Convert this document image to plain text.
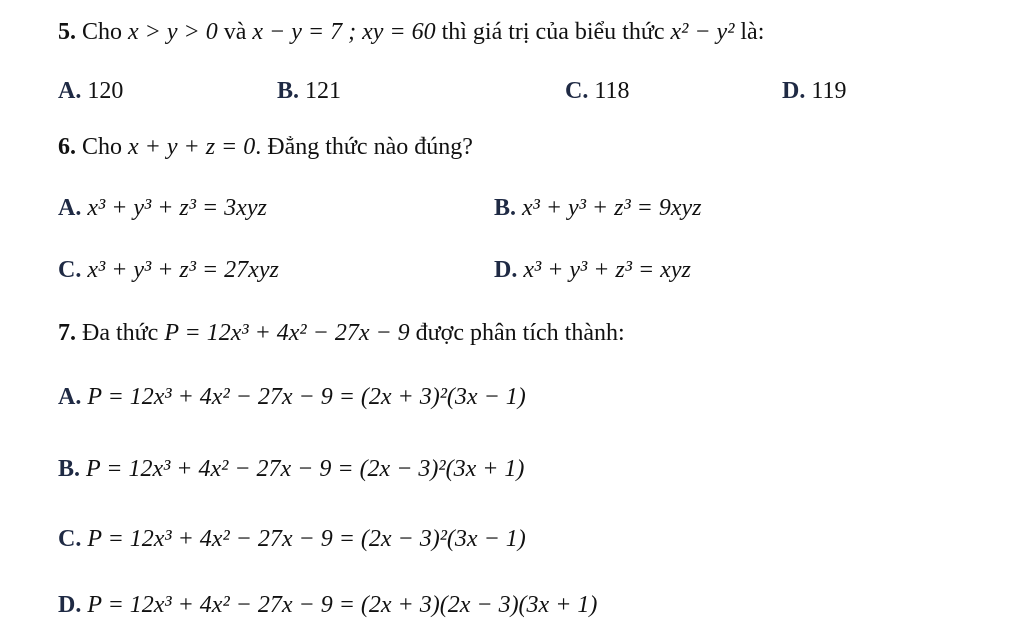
5. Cho x > y > 0 và x − y = 7 ; xy = 60 thì giá trị của biểu thức x² − y² là:
A. 120	B. 121	C. 118	D. 119
6. Cho x + y + z = 0. Đẳng thức nào đúng?
A. x³ + y³ + z³ = 3xyz	B. x³ + y³ + z³ = 9xyz
C. x³ + y³ + z³ = 27xyz	D. x³ + y³ + z³ = xyz
7. Đa thức P = 12x³ + 4x² − 27x − 9 được phân tích thành:
A. P = 12x³ + 4x² − 27x − 9 = (2x + 3)²(3x − 1)
B. P = 12x³ + 4x² − 27x − 9 = (2x − 3)²(3x + 1)
C. P = 12x³ + 4x² − 27x − 9 = (2x − 3)²(3x − 1)
D. P = 12x³ + 4x² − 27x − 9 = (2x + 3)(2x − 3)(3x + 1)
